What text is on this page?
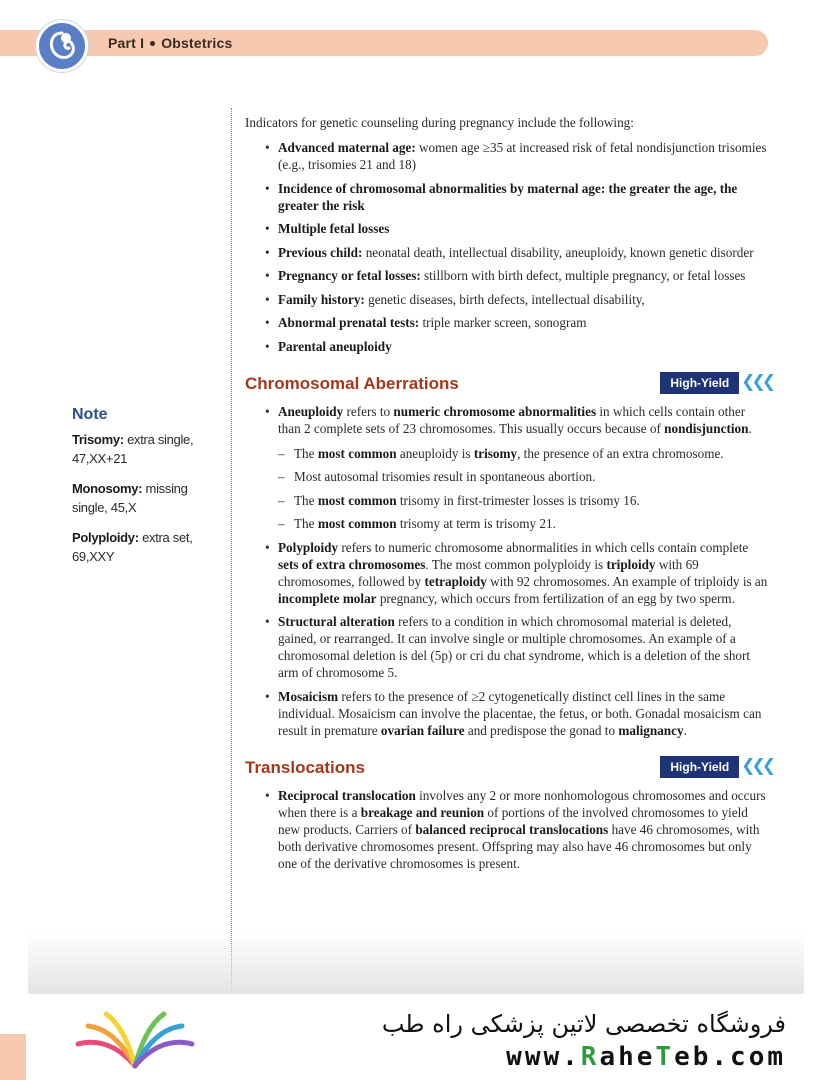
Part I Obstetrics
Note

Trisomy: extra single, 47,XX+21

Monosomy: missing single, 45,X

Polyploidy: extra set, 69,XXY

Indicators for genetic counseling during pregnancy include the following:

• Advanced maternal age: women age ≥35 at increased risk of fetal nondisjunction trisomies (e.g., trisomies 21 and 18)
• Incidence of chromosomal abnormalities by maternal age: the greater the age, the greater the risk
• Multiple fetal losses
• Previous child: neonatal death, intellectual disability, aneuploidy, known genetic disorder
• Pregnancy or fetal losses: stillborn with birth defect, multiple pregnancy, or fetal losses
• Family history: genetic diseases, birth defects, intellectual disability,
• Abnormal prenatal tests: triple marker screen, sonogram
• Parental aneuploidy
Chromosomal Aberrations	High-Yield ❮❮❮
• Aneuploidy refers to numeric chromosome abnormalities in which cells contain other than 2 complete sets of 23 chromosomes. This usually occurs because of nondisjunction.
– The most common aneuploidy is trisomy, the presence of an extra chromosome.
– Most autosomal trisomies result in spontaneous abortion.
– The most common trisomy in first-trimester losses is trisomy 16.
– The most common trisomy at term is trisomy 21.
• Polyploidy refers to numeric chromosome abnormalities in which cells contain complete sets of extra chromosomes. The most common polyploidy is triploidy with 69 chromosomes, followed by tetraploidy with 92 chromosomes. An example of triploidy is an incomplete molar pregnancy, which occurs from fertilization of an egg by two sperm.
• Structural alteration refers to a condition in which chromosomal material is deleted, gained, or rearranged. It can involve single or multiple chromosomes. An example of a chromosomal deletion is del (5p) or cri du chat syndrome, which is a deletion of the short arm of chromosome 5.
• Mosaicism refers to the presence of ≥2 cytogenetically distinct cell lines in the same individual. Mosaicism can involve the placentae, the fetus, or both. Gonadal mosaicism can result in premature ovarian failure and predispose the gonad to malignancy.
Translocations	High-Yield ❮❮❮
• Reciprocal translocation involves any 2 or more nonhomologous chromosomes and occurs when there is a breakage and reunion of portions of the involved chromosomes to yield new products. Carriers of balanced reciprocal translocations have 46 chromosomes, with both derivative chromosomes present. Offspring may also have 46 chromosomes but only one of the derivative chromosomes is present.
فروشگاه تخصصی لاتین پزشکی راه طب
www.RaheTeb.com
